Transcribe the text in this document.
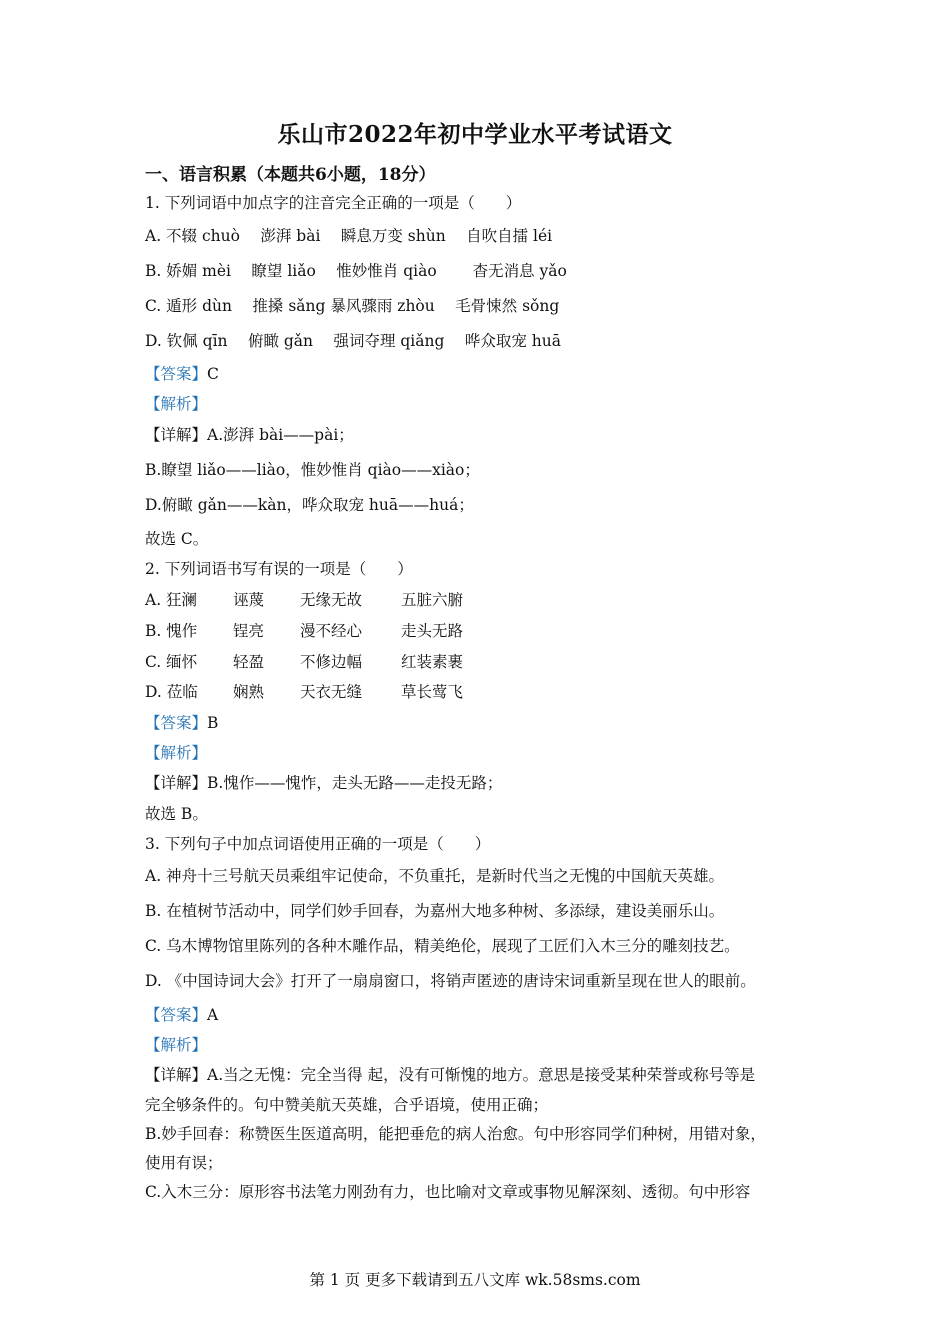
乐山市2022年初中学业水平考试语文
一、语言积累（本题共6小题，18分）
1. 下列词语中加点字的注音完全正确的一项是（　　）
A. 不辍 chuò　 澎湃 bài　 瞬息万变 shùn　 自吹自擂 léi
B. 娇媚 mèi　 瞭望 liǎo　 惟妙惟肖 qiào　　 杳无消息 yǎo
C. 遁形 dùn　 推搡 sǎng 暴风骤雨 zhòu　 毛骨悚然 sǒng
D. 钦佩 qīn　 俯瞰 gǎn　 强词夺理 qiǎng　 哗众取宠 huā
【答案】C
【解析】
【详解】A.澎湃 bài——pài；
B.瞭望 liǎo——liào，惟妙惟肖 qiào——xiào；
D.俯瞰 gǎn——kàn，哗众取宠 huā——huá；
故选 C。
2. 下列词语书写有误的一项是（　　）
A. 狂澜 诬蔑 无缘无故	五脏六腑
B. 愧作 锃亮 漫不经心	走头无路
C. 缅怀 轻盈 不修边幅	红装素裹
D. 莅临 娴熟 天衣无缝	草长莺飞
【答案】B
【解析】
【详解】B.愧作——愧怍，走头无路——走投无路；
故选 B。
3. 下列句子中加点词语使用正确的一项是（　　）
A. 神舟十三号航天员乘组牢记使命，不负重托，是新时代当之无愧的中国航天英雄。
B. 在植树节活动中，同学们妙手回春，为嘉州大地多种树、多添绿，建设美丽乐山。
C. 乌木博物馆里陈列的各种木雕作品，精美绝伦，展现了工匠们入木三分的雕刻技艺。
D. 《中国诗词大会》打开了一扇扇窗口，将销声匿迹的唐诗宋词重新呈现在世人的眼前。
【答案】A
【解析】
【详解】A.当之无愧：完全当得 起，没有可惭愧的地方。意思是接受某种荣誉或称号等是
完全够条件的。句中赞美航天英雄，合乎语境，使用正确；
B.妙手回春：称赞医生医道高明，能把垂危的病人治愈。句中形容同学们种树，用错对象，
使用有误；
C.入木三分：原形容书法笔力刚劲有力，也比喻对文章或事物见解深刻、透彻。句中形容
第 1 页 更多下载请到五八文库 wk.58sms.com
